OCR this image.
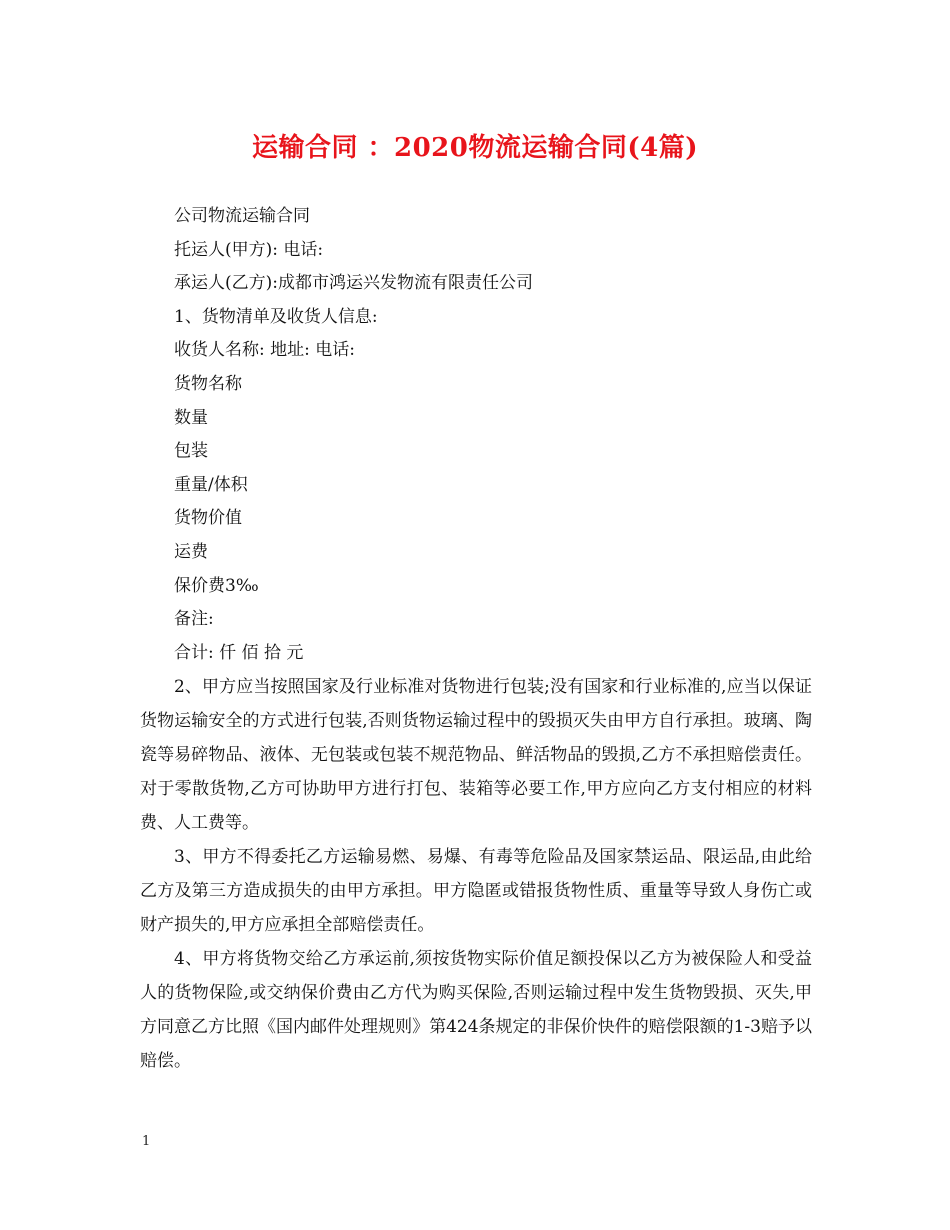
运输合同 ：2020物流运输合同(4篇)

公司物流运输合同

托运人(甲方): 电话:

承运人(乙方):成都市鸿运兴发物流有限责任公司

1、货物清单及收货人信息:

收货人名称: 地址: 电话:

货物名称

数量

包装

重量/体积

货物价值

运费

保价费3‰

备注:

合计: 仟 佰 拾 元

2、甲方应当按照国家及行业标准对货物进行包装;没有国家和行业标准的,应当以保证货物运输安全的方式进行包装,否则货物运输过程中的毁损灭失由甲方自行承担。玻璃、陶瓷等易碎物品、液体、无包装或包装不规范物品、鲜活物品的毁损,乙方不承担赔偿责任。对于零散货物,乙方可协助甲方进行打包、装箱等必要工作,甲方应向乙方支付相应的材料费、人工费等。

3、甲方不得委托乙方运输易燃、易爆、有毒等危险品及国家禁运品、限运品,由此给乙方及第三方造成损失的由甲方承担。甲方隐匿或错报货物性质、重量等导致人身伤亡或财产损失的,甲方应承担全部赔偿责任。

4、甲方将货物交给乙方承运前,须按货物实际价值足额投保以乙方为被保险人和受益人的货物保险,或交纳保价费由乙方代为购买保险,否则运输过程中发生货物毁损、灭失,甲方同意乙方比照《国内邮件处理规则》第424条规定的非保价快件的赔偿限额的1-3赔予以赔偿。

1
